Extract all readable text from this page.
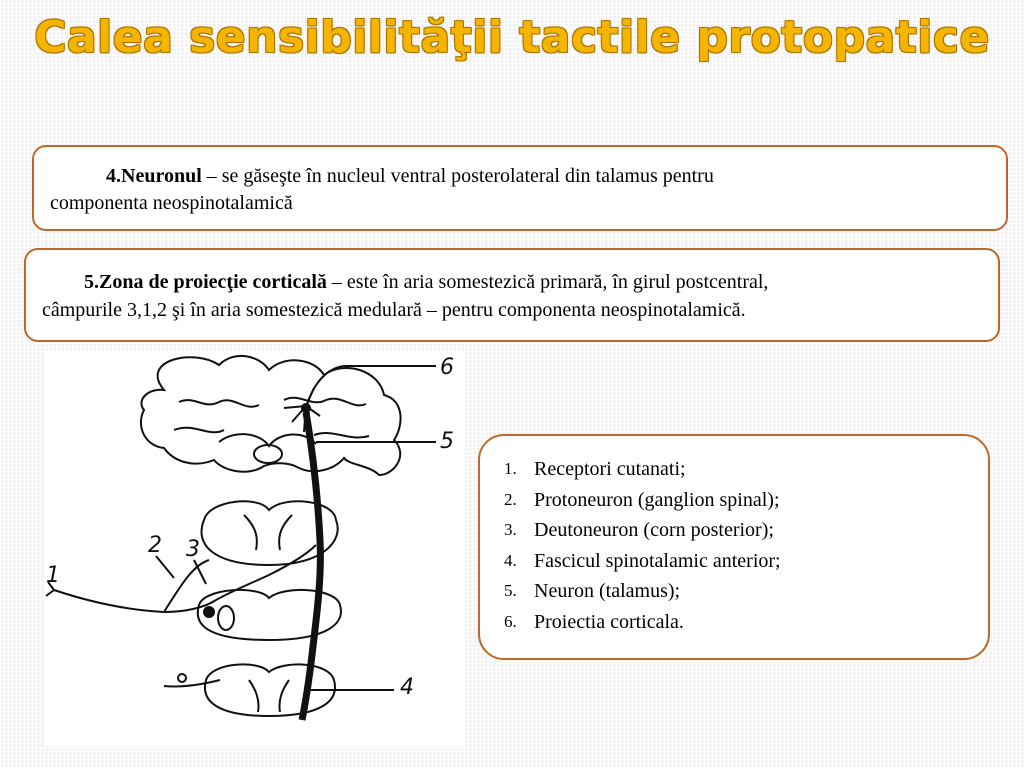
Calea sensibilităţii tactile protopatice
4.Neuronul – se găseşte în nucleul ventral posterolateral din talamus pentru
componenta neospinotalamică
5.Zona de proiecţie corticală – este în aria somestezică primară, în girul postcentral,
câmpurile 3,1,2 şi în aria somestezică medulară – pentru componenta neospinotalamică.
1
2 3
4
5
6
1. Receptori cutanati;
2. Protoneuron (ganglion spinal);
3. Deutoneuron (corn posterior);
4. Fascicul spinotalamic anterior;
5. Neuron (talamus);
6. Proiectia corticala.
